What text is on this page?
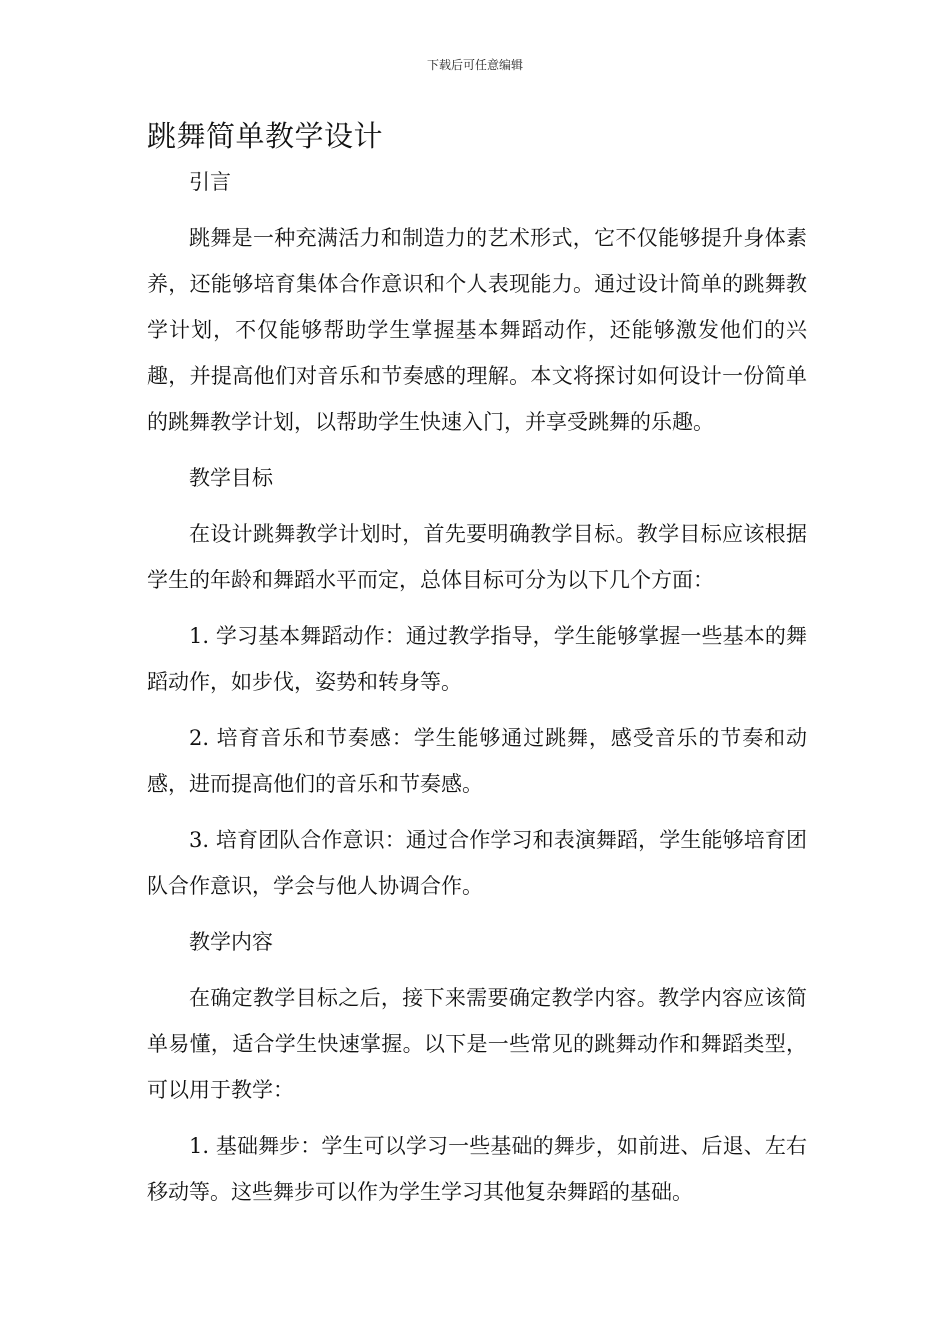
下载后可任意编辑
跳舞简单教学设计

引言

跳舞是一种充满活力和制造力的艺术形式，它不仅能够提升身体素养，还能够培育集体合作意识和个人表现能力。通过设计简单的跳舞教学计划，不仅能够帮助学生掌握基本舞蹈动作，还能够激发他们的兴趣，并提高他们对音乐和节奏感的理解。本文将探讨如何设计一份简单的跳舞教学计划，以帮助学生快速入门，并享受跳舞的乐趣。

教学目标

在设计跳舞教学计划时，首先要明确教学目标。教学目标应该根据学生的年龄和舞蹈水平而定，总体目标可分为以下几个方面：

1. 学习基本舞蹈动作：通过教学指导，学生能够掌握一些基本的舞蹈动作，如步伐，姿势和转身等。

2. 培育音乐和节奏感：学生能够通过跳舞，感受音乐的节奏和动感，进而提高他们的音乐和节奏感。

3. 培育团队合作意识：通过合作学习和表演舞蹈，学生能够培育团队合作意识，学会与他人协调合作。

教学内容

在确定教学目标之后，接下来需要确定教学内容。教学内容应该简单易懂，适合学生快速掌握。以下是一些常见的跳舞动作和舞蹈类型，可以用于教学：

1. 基础舞步：学生可以学习一些基础的舞步，如前进、后退、左右移动等。这些舞步可以作为学生学习其他复杂舞蹈的基础。
